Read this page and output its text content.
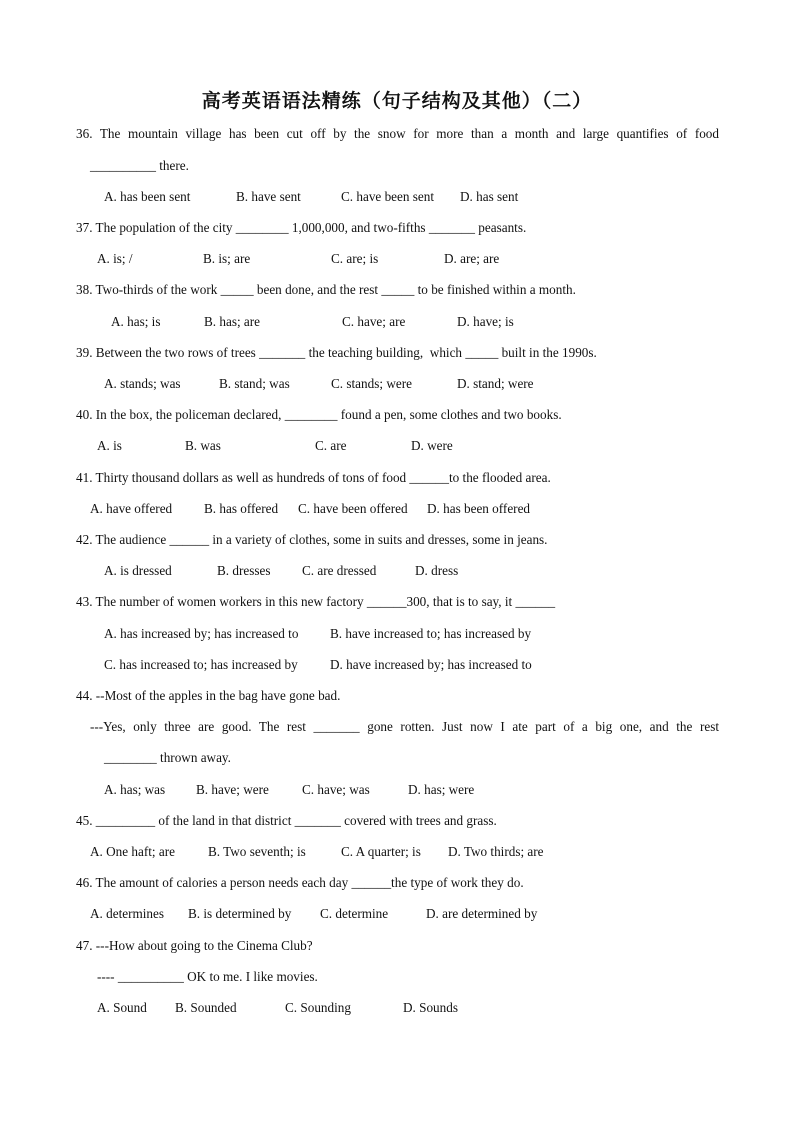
高考英语语法精练（句子结构及其他）（二）
36. The mountain village has been cut off by the snow for more than a month and large quantifies of food
__________ there.
A. has been sent	B. have sent	C. have been sent D. has sent
37. The population of the city ________ 1,000,000, and two-fifths _______ peasants.
A. is; /	B. is; are	C. are; is	D. are; are
38. Two-thirds of the work _____ been done, and the rest _____ to be finished within a month.
A. has; is	B. has; are	C. have; are	D. have; is
39. Between the two rows of trees _______ the teaching building,  which _____ built in the 1990s.
A. stands; was	B. stand; was	C. stands; were	D. stand; were
40. In the box, the policeman declared, ________ found a pen, some clothes and two books.
A. is	B. was	C. are	D. were
41. Thirty thousand dollars as well as hundreds of tons of food ______to the flooded area.
A. have offered B. has offered C. have been offered D. has been offered
42. The audience ______ in a variety of clothes, some in suits and dresses, some in jeans.
A. is dressed	B. dresses C. are dressed	D. dress
43. The number of women workers in this new factory ______300, that is to say, it ______
A. has increased by; has increased to B. have increased to; has increased by
C. has increased to; has increased by D. have increased by; has increased to
44. --Most of the apples in the bag have gone bad.
---Yes, only three are good. The rest _______ gone rotten. Just now I ate part of a big one, and the rest
________ thrown away.
A. has; was B. have; were	C. have; was	D. has; were
45. _________ of the land in that district _______ covered with trees and grass.
A. One haft; are	B. Two seventh; is	C. A quarter; is D. Two thirds; are
46. The amount of calories a person needs each day ______the type of work they do.
A. determines B. is determined by C. determine	D. are determined by
47. ---How about going to the Cinema Club?
---- __________ OK to me. I like movies.
A. Sound B. Sounded	C. Sounding	D. Sounds
